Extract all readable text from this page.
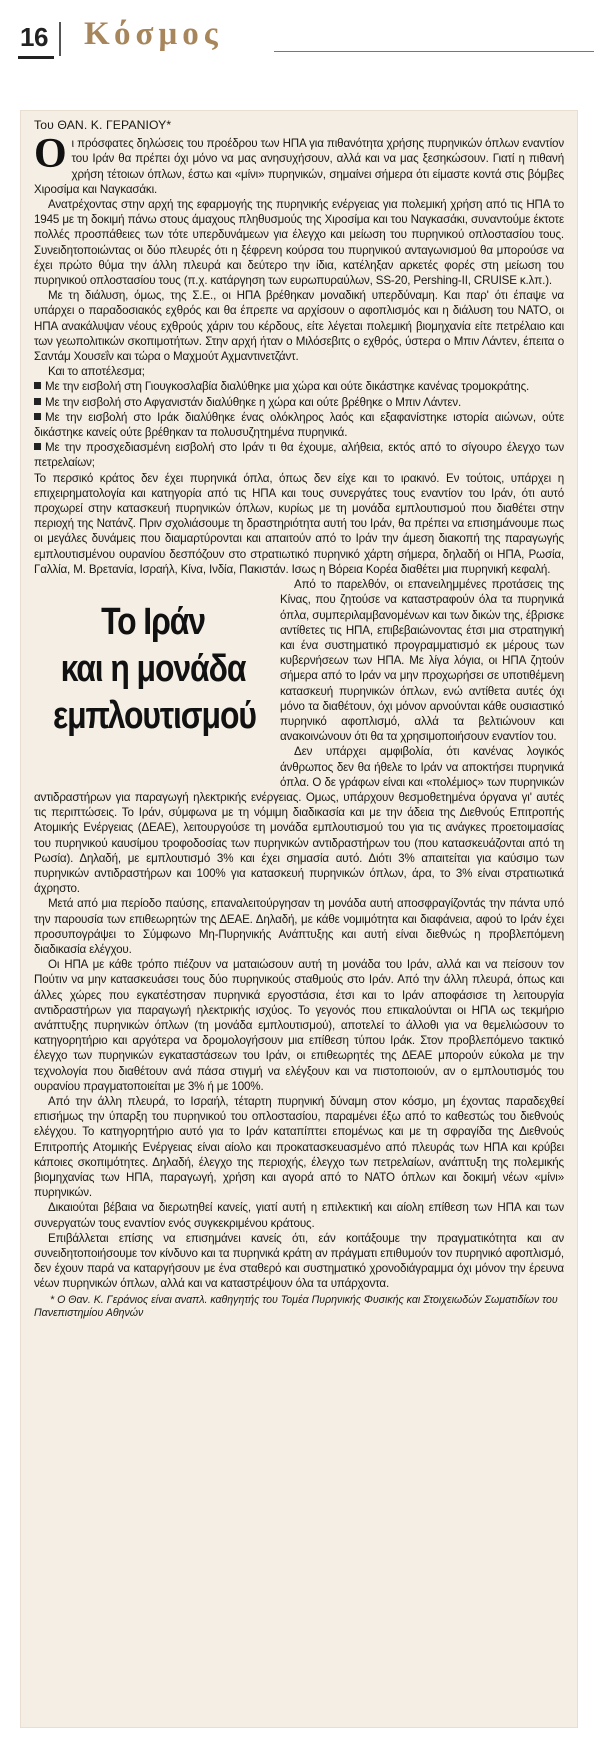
16 Κόσμος

Του ΘΑΝ. Κ. ΓΕΡΑΝΙΟΥ*

Oι πρόσφατες δηλώσεις του προέδρου των ΗΠΑ για πιθανότητα χρήσης πυρηνικών όπλων εναντίον του Ιράν θα πρέπει όχι μόνο να μας ανησυχήσουν, αλλά και να μας ξεσηκώσουν. Γιατί η πιθανή χρήση τέτοιων όπλων, έστω και «μίνι» πυρηνικών, σημαίνει σήμερα ότι είμαστε κοντά στις βόμβες Χιροσίμα και Ναγκασάκι.

Ανατρέχοντας στην αρχή της εφαρμογής της πυρηνικής ενέργειας για πολεμική χρήση από τις ΗΠΑ το 1945 με τη δοκιμή πάνω στους άμαχους πληθυσμούς της Χιροσίμα και του Ναγκασάκι, συναντούμε έκτοτε πολλές προσπάθειες των τότε υπερδυνάμεων για έλεγχο και μείωση του πυρηνικού οπλοστασίου τους. Συνειδητοποιώντας οι δύο πλευρές ότι η ξέφρενη κούρσα του πυρηνικού ανταγωνισμού θα μπορούσε να έχει πρώτο θύμα την άλλη πλευρά και δεύτερο την ίδια, κατέληξαν αρκετές φορές στη μείωση του πυρηνικού οπλοστασίου τους (π.χ. κατάργηση των ευρωπυραύλων, SS-20, Pershing-II, CRUISE κ.λπ.).

Με τη διάλυση, όμως, της Σ.Ε., οι ΗΠΑ βρέθηκαν μοναδική υπερδύναμη. Και παρ' ότι έπαψε να υπάρχει ο παραδοσιακός εχθρός και θα έπρεπε να αρχίσουν ο αφοπλισμός και η διάλυση του ΝΑΤΟ, οι ΗΠΑ ανακάλυψαν νέους εχθρούς χάριν του κέρδους, είτε λέγεται πολεμική βιομηχανία είτε πετρέλαιο και των γεωπολιτικών σκοπιμοτήτων. Στην αρχή ήταν ο Μιλόσεβιτς ο εχθρός, ύστερα ο Μπιν Λάντεν, έπειτα ο Σαντάμ Χουσεΐν και τώρα ο Μαχμούτ Αχμαντινετζάντ.

Και το αποτέλεσμα;

Με την εισβολή στη Γιουγκοσλαβία διαλύθηκε μια χώρα και ούτε δικάστηκε κανένας τρομοκράτης.

Με την εισβολή στο Αφγανιστάν διαλύθηκε η χώρα και ούτε βρέθηκε ο Μπιν Λάντεν.

Με την εισβολή στο Ιράκ διαλύθηκε ένας ολόκληρος λαός και εξαφανίστηκε ιστορία αιώνων, ούτε δικάστηκε κανείς ούτε βρέθηκαν τα πολυσυζητημένα πυρηνικά.

Με την προσχεδιασμένη εισβολή στο Ιράν τι θα έχουμε, αλήθεια, εκτός από το σίγουρο έλεγχο των πετρελαίων;

Το περσικό κράτος δεν έχει πυρηνικά όπλα, όπως δεν είχε και το ιρακινό. Εν τούτοις, υπάρχει η επιχειρηματολογία και κατηγορία από τις ΗΠΑ και τους συνεργάτες τους εναντίον του Ιράν, ότι αυτό προχωρεί στην κατασκευή πυρηνικών όπλων, κυρίως με τη μονάδα εμπλουτισμού που διαθέτει στην περιοχή της Νατάνζ. Πριν σχολιάσουμε τη δραστηριότητα αυτή του Ιράν, θα πρέπει να επισημάνουμε πως οι μεγάλες δυνάμεις που διαμαρτύρονται και απαιτούν από το Ιράν την άμεση διακοπή της παραγωγής εμπλουτισμένου ουρανίου δεσπόζουν στο στρατιωτικό πυρηνικό χάρτη σήμερα, δηλαδή οι ΗΠΑ, Ρωσία, Γαλλία, Μ. Βρετανία, Ισραήλ, Κίνα, Ινδία, Πακιστάν. Ισως η Βόρεια Κορέα διαθέτει μια πυρηνική κεφαλή.

Το Ιράν
και η μονάδα
εμπλουτισμού

Από το παρελθόν, οι επανειλημμένες προτάσεις της Κίνας, που ζητούσε να καταστραφούν όλα τα πυρηνικά όπλα, συμπεριλαμβανομένων και των δικών της, έβρισκε αντίθετες τις ΗΠΑ, επιβεβαιώνοντας έτσι μια στρατηγική και ένα συστηματικό προγραμματισμό εκ μέρους των κυβερνήσεων των ΗΠΑ. Με λίγα λόγια, οι ΗΠΑ ζητούν σήμερα από το Ιράν να μην προχωρήσει σε υποτιθέμενη κατασκευή πυρηνικών όπλων, ενώ αντίθετα αυτές όχι μόνο τα διαθέτουν, όχι μόνον αρνούνται κάθε ουσιαστικό πυρηνικό αφοπλισμό, αλλά τα βελτιώνουν και ανακοινώνουν ότι θα τα χρησιμοποιήσουν εναντίον του.

Δεν υπάρχει αμφιβολία, ότι κανένας λογικός άνθρωπος δεν θα ήθελε το Ιράν να αποκτήσει πυρηνικά όπλα. Ο δε γράφων είναι και «πολέμιος» των πυρηνικών αντιδραστήρων για παραγωγή ηλεκτρικής ενέργειας. Ομως, υπάρχουν θεσμοθετημένα όργανα γι' αυτές τις περιπτώσεις. Το Ιράν, σύμφωνα με τη νόμιμη διαδικασία και με την άδεια της Διεθνούς Επιτροπής Ατομικής Ενέργειας (ΔΕΑΕ), λειτουργούσε τη μονάδα εμπλουτισμού του για τις ανάγκες προετοιμασίας του πυρηνικού καυσίμου τροφοδοσίας των πυρηνικών αντιδραστήρων του (που κατασκευάζονται από τη Ρωσία). Δηλαδή, με εμπλουτισμό 3% και έχει σημασία αυτό. Διότι 3% απαιτείται για καύσιμο των πυρηνικών αντιδραστήρων και 100% για κατασκευή πυρηνικών όπλων, άρα, το 3% είναι στρατιωτικά άχρηστο.

Μετά από μια περίοδο παύσης, επαναλειτούργησαν τη μονάδα αυτή αποσφραγίζοντάς την πάντα υπό την παρουσία των επιθεωρητών της ΔΕΑΕ. Δηλαδή, με κάθε νομιμότητα και διαφάνεια, αφού το Ιράν έχει προσυπογράψει το Σύμφωνο Μη-Πυρηνικής Ανάπτυξης και αυτή είναι διεθνώς η προβλεπόμενη διαδικασία ελέγχου.

Οι ΗΠΑ με κάθε τρόπο πιέζουν να ματαιώσουν αυτή τη μονάδα του Ιράν, αλλά και να πείσουν τον Πούτιν να μην κατασκευάσει τους δύο πυρηνικούς σταθμούς στο Ιράν. Από την άλλη πλευρά, όπως και άλλες χώρες που εγκατέστησαν πυρηνικά εργοστάσια, έτσι και το Ιράν αποφάσισε τη λειτουργία αντιδραστήρων για παραγωγή ηλεκτρικής ισχύος. Το γεγονός που επικαλούνται οι ΗΠΑ ως τεκμήριο ανάπτυξης πυρηνικών όπλων (τη μονάδα εμπλουτισμού), αποτελεί το άλλοθι για να θεμελιώσουν το κατηγορητήριο και αργότερα να δρομολογήσουν μια επίθεση τύπου Ιράκ. Στον προβλεπόμενο τακτικό έλεγχο των πυρηνικών εγκαταστάσεων του Ιράν, οι επιθεωρητές της ΔΕΑΕ μπορούν εύκολα με την τεχνολογία που διαθέτουν ανά πάσα στιγμή να ελέγξουν και να πιστοποιούν, αν ο εμπλουτισμός του ουρανίου πραγματοποιείται με 3% ή με 100%.

Από την άλλη πλευρά, το Ισραήλ, τέταρτη πυρηνική δύναμη στον κόσμο, μη έχοντας παραδεχθεί επισήμως την ύπαρξη του πυρηνικού του οπλοστασίου, παραμένει έξω από το καθεστώς του διεθνούς ελέγχου. Το κατηγορητήριο αυτό για το Ιράν καταπίπτει επομένως και με τη σφραγίδα της Διεθνούς Επιτροπής Ατομικής Ενέργειας είναι αίολο και προκατασκευασμένο από πλευράς των ΗΠΑ και κρύβει κάποιες σκοπιμότητες. Δηλαδή, έλεγχο της περιοχής, έλεγχο των πετρελαίων, ανάπτυξη της πολεμικής βιομηχανίας των ΗΠΑ, παραγωγή, χρήση και αγορά από το ΝΑΤΟ όπλων και δοκιμή νέων «μίνι» πυρηνικών.

Δικαιούται βέβαια να διερωτηθεί κανείς, γιατί αυτή η επιλεκτική και αίολη επίθεση των ΗΠΑ και των συνεργατών τους εναντίον ενός συγκεκριμένου κράτους.

Επιβάλλεται επίσης να επισημάνει κανείς ότι, εάν κοιτάξουμε την πραγματικότητα και αν συνειδητοποιήσουμε τον κίνδυνο και τα πυρηνικά κράτη αν πράγματι επιθυμούν τον πυρηνικό αφοπλισμό, δεν έχουν παρά να καταργήσουν με ένα σταθερό και συστηματικό χρονοδιάγραμμα όχι μόνον την έρευνα νέων πυρηνικών όπλων, αλλά και να καταστρέψουν όλα τα υπάρχοντα.

* Ο Θαν. Κ. Γεράνιος είναι αναπλ. καθηγητής του Τομέα Πυρηνικής Φυσικής και Στοιχειωδών Σωματιδίων του Πανεπιστημίου Αθηνών
